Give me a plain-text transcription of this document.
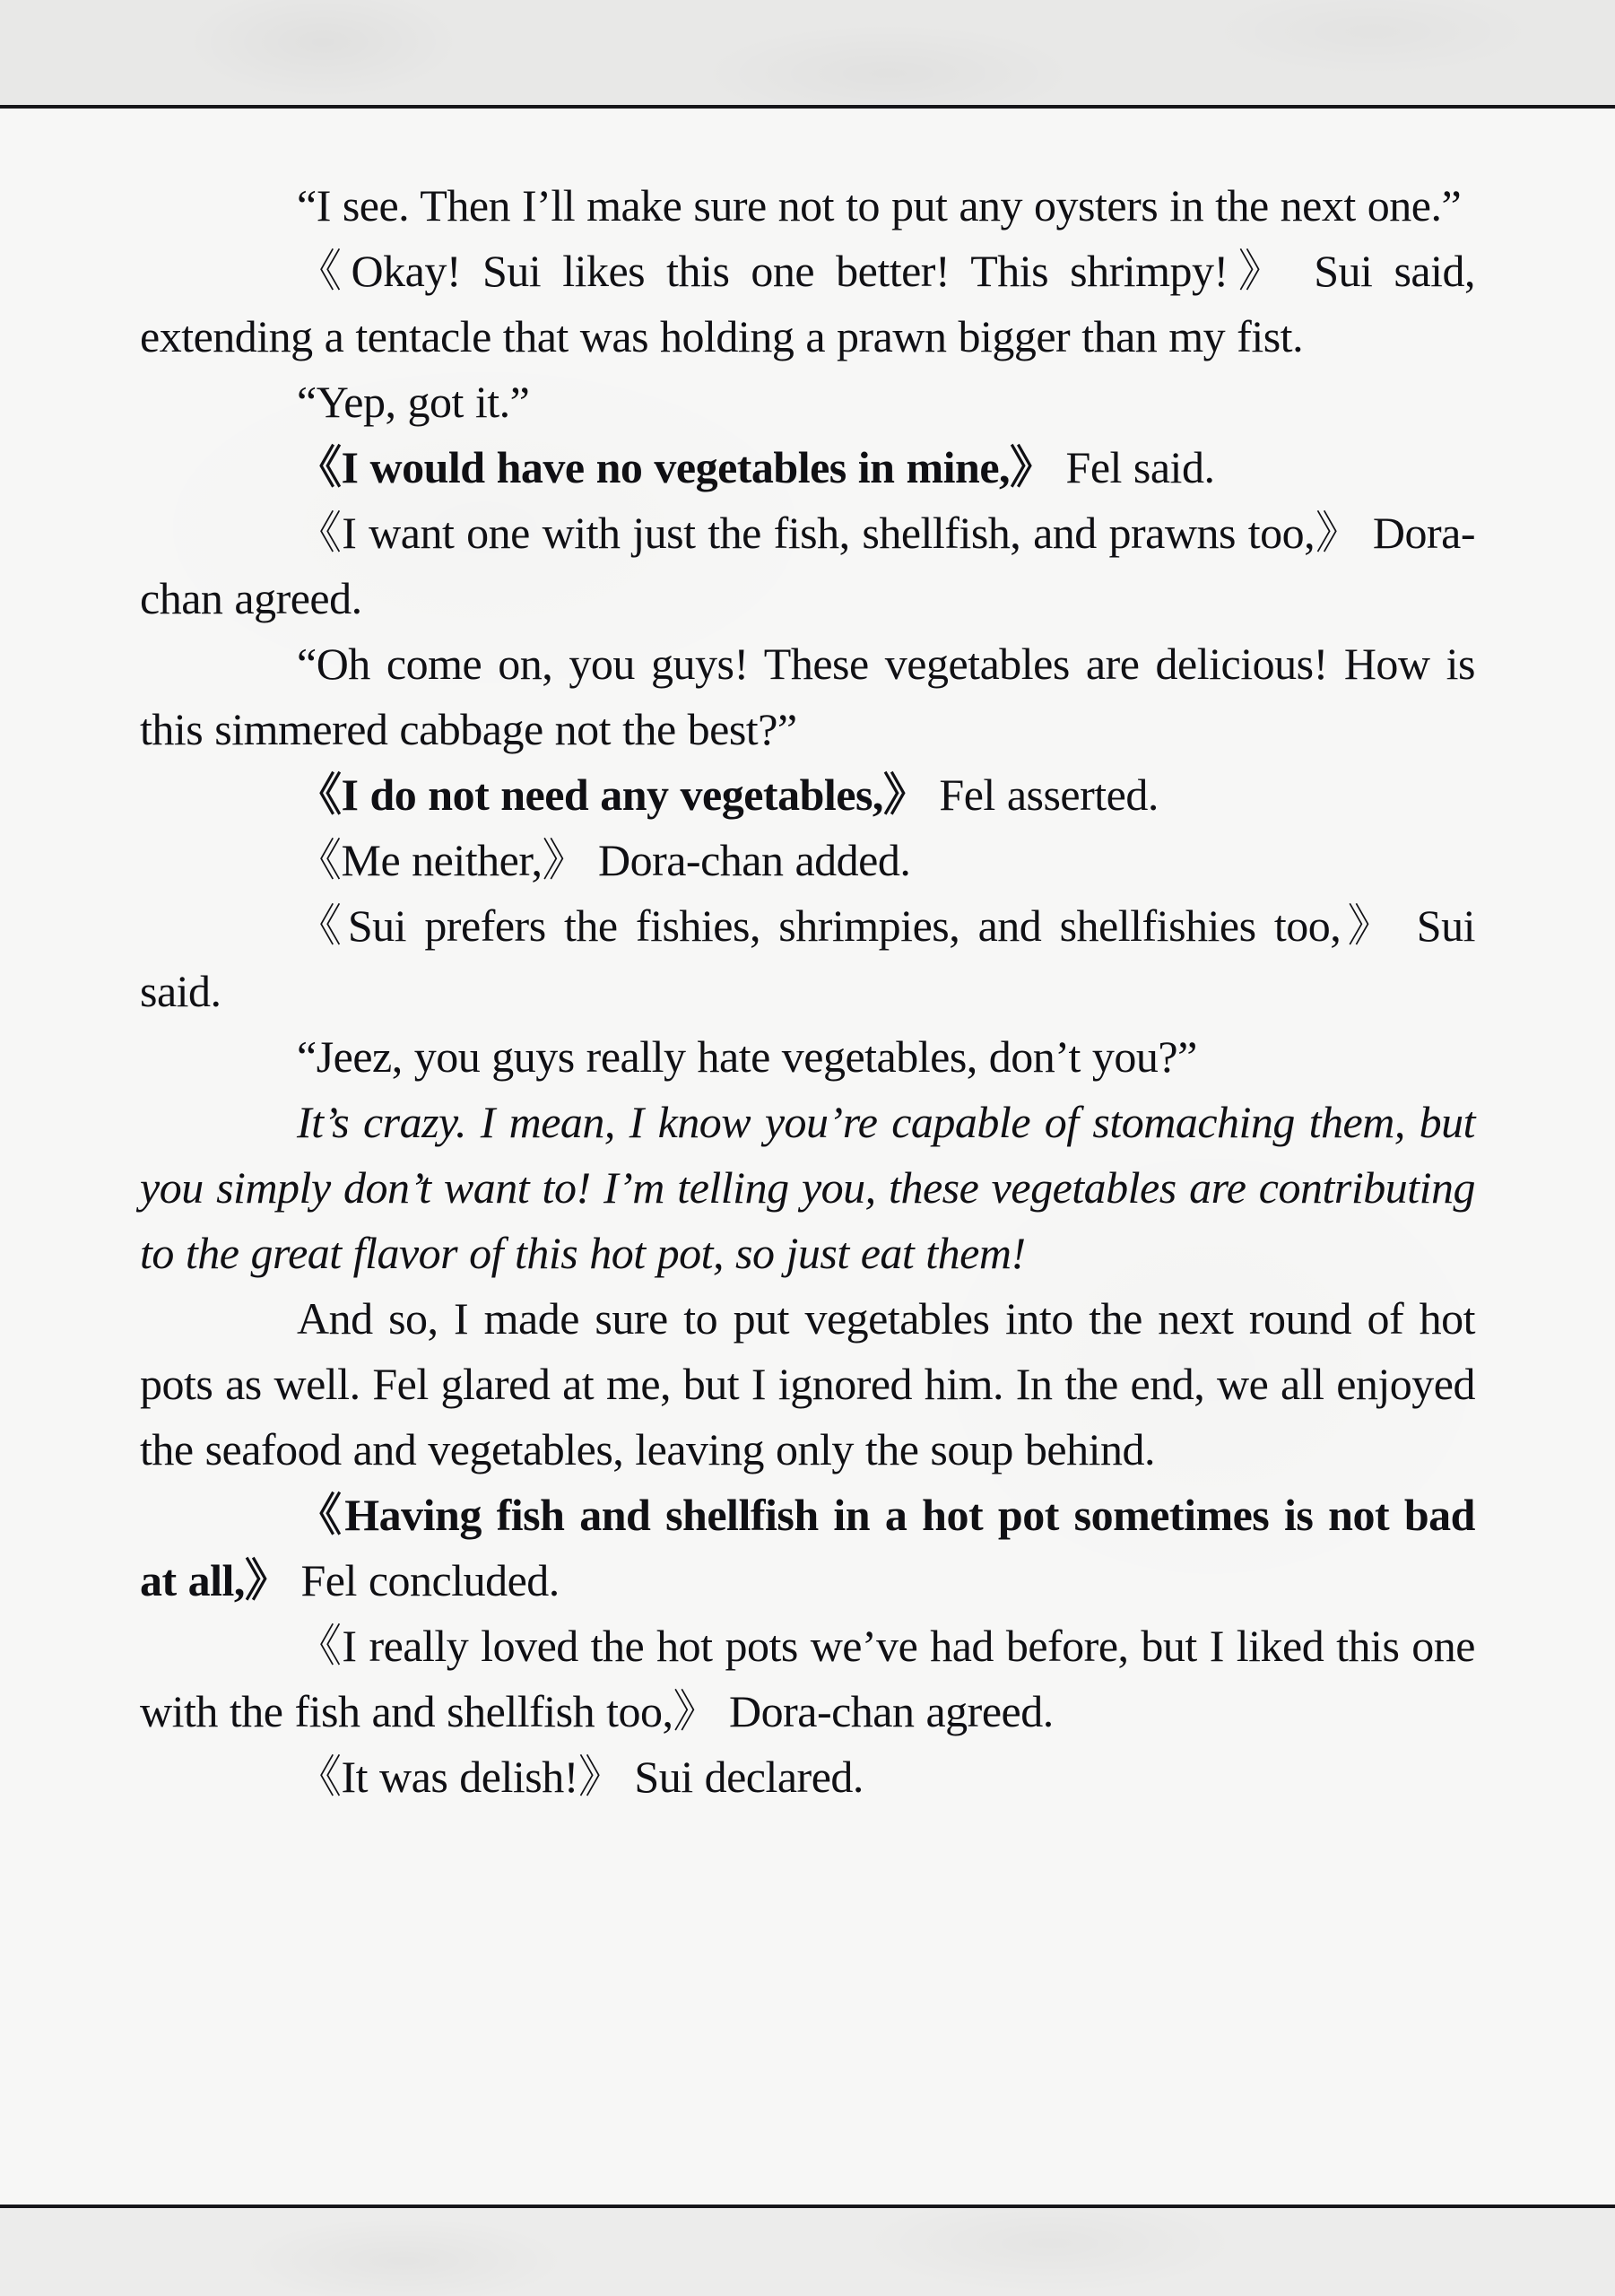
“I see. Then I’ll make sure not to put any oysters in the next one.”

《Okay! Sui likes this one better! This shrimpy!》 Sui said, extending a tentacle that was holding a prawn bigger than my fist.

“Yep, got it.”

《I would have no vegetables in mine,》 Fel said.

《I want one with just the fish, shellfish, and prawns too,》 Dora-chan agreed.

“Oh come on, you guys! These vegetables are delicious! How is this simmered cabbage not the best?”

《I do not need any vegetables,》 Fel asserted.

《Me neither,》 Dora-chan added.

《Sui prefers the fishies, shrimpies, and shellfishies too,》 Sui said.

“Jeez, you guys really hate vegetables, don’t you?”

It’s crazy. I mean, I know you’re capable of stomaching them, but you simply don’t want to! I’m telling you, these vegetables are contributing to the great flavor of this hot pot, so just eat them!

And so, I made sure to put vegetables into the next round of hot pots as well. Fel glared at me, but I ignored him. In the end, we all enjoyed the seafood and vegetables, leaving only the soup behind.

《Having fish and shellfish in a hot pot sometimes is not bad at all,》 Fel concluded.

《I really loved the hot pots we’ve had before, but I liked this one with the fish and shellfish too,》 Dora-chan agreed.

《It was delish!》 Sui declared.
